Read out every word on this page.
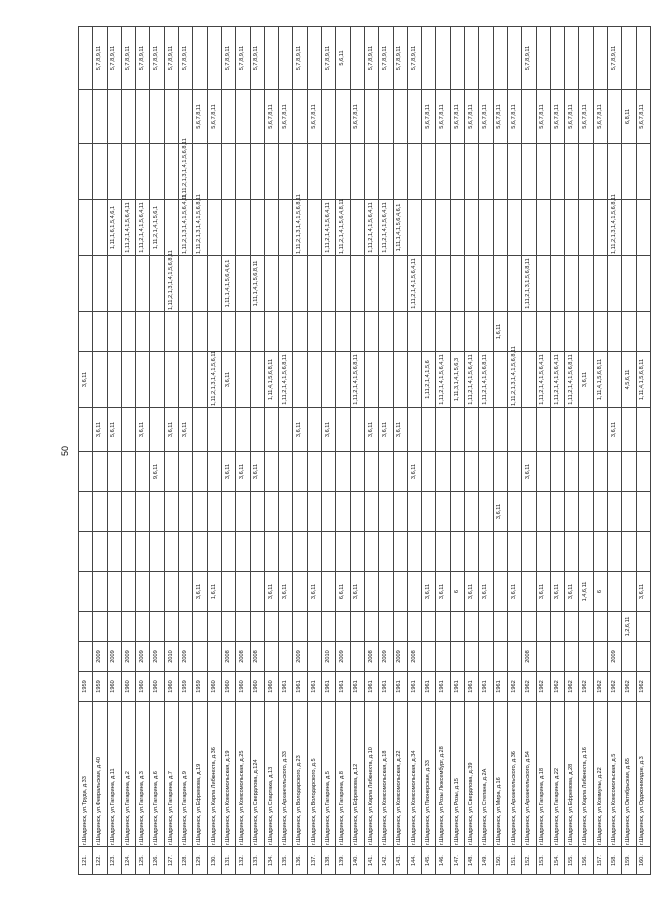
50
121.	г.Шадринск, ул.Труда, д.33	1959								3,6,11						
122.	г.Шадринск, ул.Февральская, д.40	1959	2009						3,6,11							5,7,8,9,11
123.	г.Шадринск, ул.Гагарина, д.11	1960	2009						5,6,11				1,11,1,6,1,5,4,6,1			5,7,8,9,11
124.	г.Шадринск, ул.Гагарина, д.2	1960	2009										1,11,2,1,4,1,5,6,4,11			5,7,8,9,11
125.	г.Шадринск, ул.Гагарина, д.3	1960	2009						3,6,11				1,11,2,1,4,1,5,6,4,11			5,7,8,9,11
126.	г.Шадринск, ул.Гагарина, д.6	1960	2009					9,6,11					1,11,2,1,4,1,5,6,1			5,7,8,9,11
127.	г.Шадринск, ул.Гагарина, д.7	1960	2010						3,6,11			1,11,2,1,3,1,4,1,5,6,8,11				5,7,8,9,11
128.	г.Шадринск, ул.Гагарина, д.9	1959	2009						3,6,11				1,11,2,1,3,1,4,1,5,6,4,11	1,11,2,1,3,1,4,1,5,6,8,11		5,7,8,9,11
129.	г.Шадринск, ул.Ефремова, д.19	1959			3,6,11								1,11,2,1,3,1,4,1,5,6,8,11		5,6,7,8,11	
130.	г.Шадринск, ул.Карла Либкнехта, д.36	1960			1,6,11					1,11,2,1,3,1,4,1,5,6,11					5,6,7,8,11	
131.	г.Шадринск, ул.Комсомольская, д.19	1960	2008					3,6,11		3,6,11		1,11,1,4,1,5,6,4,6,1				5,7,8,9,11
132.	г.Шадринск, ул.Комсомольская, д.25	1960	2008					3,6,11								5,7,8,9,11
133.	г.Шадринск, ул.Свердлова, д.124	1960	2008					3,6,11				1,11,1,4,1,5,6,8,11				5,7,8,9,11
134.	г.Шадринск, ул.Спартака, д.13	1960			3,6,11					1,11,4,1,5,6,8,11					5,6,7,8,11	
135.	г.Шадринск, ул.Архангельского, д.33	1961			3,6,11					1,11,2,1,4,1,5,6,8,11					5,6,7,8,11	
136.	г.Шадринск, ул.Володарского, д.23	1961	2009						3,6,11				1,11,2,1,3,1,4,1,5,6,8,11			5,7,8,9,11
137.	г.Шадринск, ул.Володарского, д.5	1961			3,6,11										5,6,7,8,11	
138.	г.Шадринск, ул.Гагарина, д.5	1961	2010						3,6,11				1,11,2,1,4,1,5,6,4,11			5,7,8,9,11
139.	г.Шадринск, ул.Гагарина, д.8	1961	2009		6,6,11								1,11,2,1,4,1,5,6,4,8,11			5,6,11
140.	г.Шадринск, ул.Ефремова, д.12	1961			3,6,11					1,11,2,1,4,1,5,6,8,11					5,6,7,8,11	
141.	г.Шадринск, ул.Карла Либкнехта, д.10	1961	2008						3,6,11				1,11,2,1,4,1,5,6,4,11			5,7,8,9,11
142.	г.Шадринск, ул.Комсомольская, д.18	1961	2009						3,6,11				1,11,2,1,4,1,5,6,4,11			5,7,8,9,11
143.	г.Шадринск, ул.Комсомольская, д.22	1961	2009						3,6,11				1,11,1,4,1,5,6,4,6,1			5,7,8,9,11
144.	г.Шадринск, ул.Комсомольская, д.34	1961	2008					3,6,11				1,11,2,1,4,1,5,6,4,11				5,7,8,9,11
145.	г.Шадринск, ул.Пионерская, д.33	1961			3,6,11					1,11,2,1,4,1,5,6					5,6,7,8,11	
146.	г.Шадринск, ул.Розы Люксембург, д.28	1961			3,6,11					1,11,2,1,4,1,5,6,4,11					5,6,7,8,11	
147.	г.Шадринск, ул.Розы, д.15	1961			6					1,11,3,1,4,1,5,6,3					5,6,7,8,11	
148.	г.Шадринск, ул.Свердлова, д.39	1961			3,6,11					1,11,2,1,4,1,5,6,4,11					5,6,7,8,11	
149.	г.Шадринск, ул.Степана, д.2А	1961			3,6,11					1,11,2,1,4,1,5,6,8,11					5,6,7,8,11	
150.	г.Шадринск, ул.Мира, д.16	1961					3,6,11				1,6,11				5,6,7,8,11	
151.	г.Шадринск, ул.Архангельского, д.36	1962			3,6,11					1,11,2,1,3,1,4,1,5,6,8,11					5,6,7,8,11	
152.	г.Шадринск, ул.Архангельского, д.54	1962	2008					3,6,11				1,11,2,1,3,1,5,6,8,11				5,7,8,9,11
153.	г.Шадринск, ул.Гагарина, д.18	1962			3,6,11					1,11,2,1,4,1,5,6,4,11					5,6,7,8,11	
154.	г.Шадринск, ул.Гагарина, д.22	1962			3,6,11					1,11,2,1,4,1,5,6,4,11					5,6,7,8,11	
155.	г.Шадринск, ул.Ефремова, д.28	1962			3,6,11					1,11,2,1,4,1,5,6,8,11					5,6,7,8,11	
156.	г.Шадринск, ул.Карла Либкнехта, д.16	1962			1,4,6,11					3,6,11					5,6,7,8,11	
157.	г.Шадринск, ул.Коммуны, д.22	1962			6					1,11,4,1,5,6,8,11					5,6,7,8,11	
158.	г.Шадринск, ул.Комсомольская, д.5	1962	2009						3,6,11				1,11,2,1,3,1,4,1,5,6,8,11			5,7,8,9,11
159.	г.Шадринск, ул.Октябрьская, д.65	1962		1,2,6,11						4,5,6,11					6,8,11	
160.	г.Шадринск, ул.Орджоникидзе, д.3	1962			3,6,11					1,11,4,1,5,6,8,11					5,6,7,8,11	
